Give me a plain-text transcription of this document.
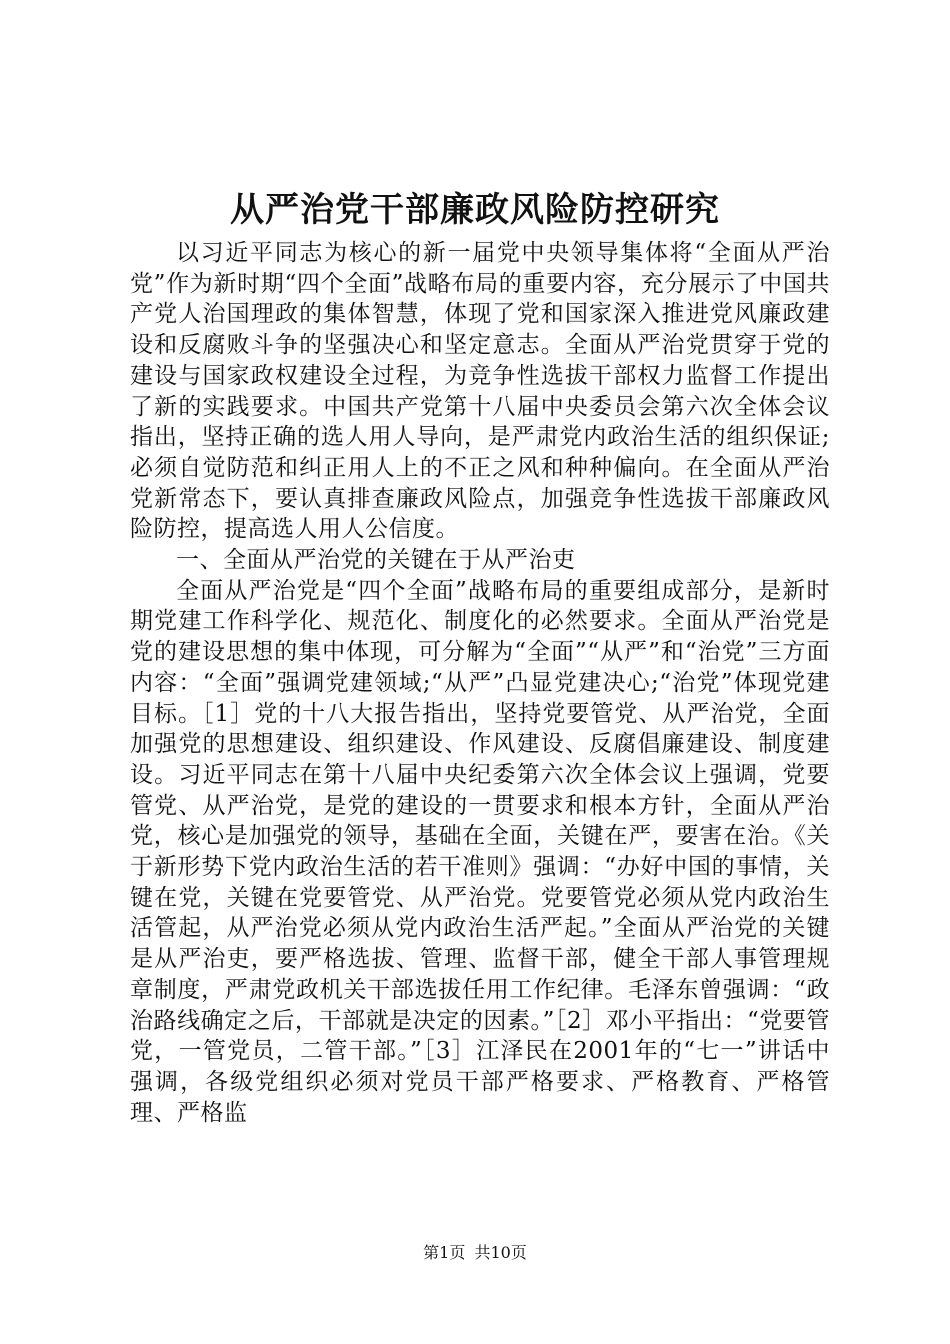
从严治党干部廉政风险防控研究

以习近平同志为核心的新一届党中央领导集体将“全面从严治党”作为新时期“四个全面”战略布局的重要内容，充分展示了中国共产党人治国理政的集体智慧，体现了党和国家深入推进党风廉政建设和反腐败斗争的坚强决心和坚定意志。全面从严治党贯穿于党的建设与国家政权建设全过程，为竞争性选拔干部权力监督工作提出了新的实践要求。中国共产党第十八届中央委员会第六次全体会议指出，坚持正确的选人用人导向，是严肃党内政治生活的组织保证;必须自觉防范和纠正用人上的不正之风和种种偏向。在全面从严治党新常态下，要认真排查廉政风险点，加强竞争性选拔干部廉政风险防控，提高选人用人公信度。

一、全面从严治党的关键在于从严治吏

全面从严治党是“四个全面”战略布局的重要组成部分，是新时期党建工作科学化、规范化、制度化的必然要求。全面从严治党是党的建设思想的集中体现，可分解为“全面”“从严”和“治党”三方面内容：“全面”强调党建领域;“从严”凸显党建决心;“治党”体现党建目标。［1］党的十八大报告指出，坚持党要管党、从严治党，全面加强党的思想建设、组织建设、作风建设、反腐倡廉建设、制度建设。习近平同志在第十八届中央纪委第六次全体会议上强调，党要管党、从严治党，是党的建设的一贯要求和根本方针，全面从严治党，核心是加强党的领导，基础在全面，关键在严，要害在治。《关于新形势下党内政治生活的若干准则》强调：“办好中国的事情，关键在党，关键在党要管党、从严治党。党要管党必须从党内政治生活管起，从严治党必须从党内政治生活严起。”全面从严治党的关键是从严治吏，要严格选拔、管理、监督干部，健全干部人事管理规章制度，严肃党政机关干部选拔任用工作纪律。毛泽东曾强调：“政治路线确定之后，干部就是决定的因素。”［2］邓小平指出：“党要管党，一管党员，二管干部。”［3］江泽民在2001年的“七一”讲话中强调，各级党组织必须对党员干部严格要求、严格教育、严格管理、严格监

第1页 共10页
